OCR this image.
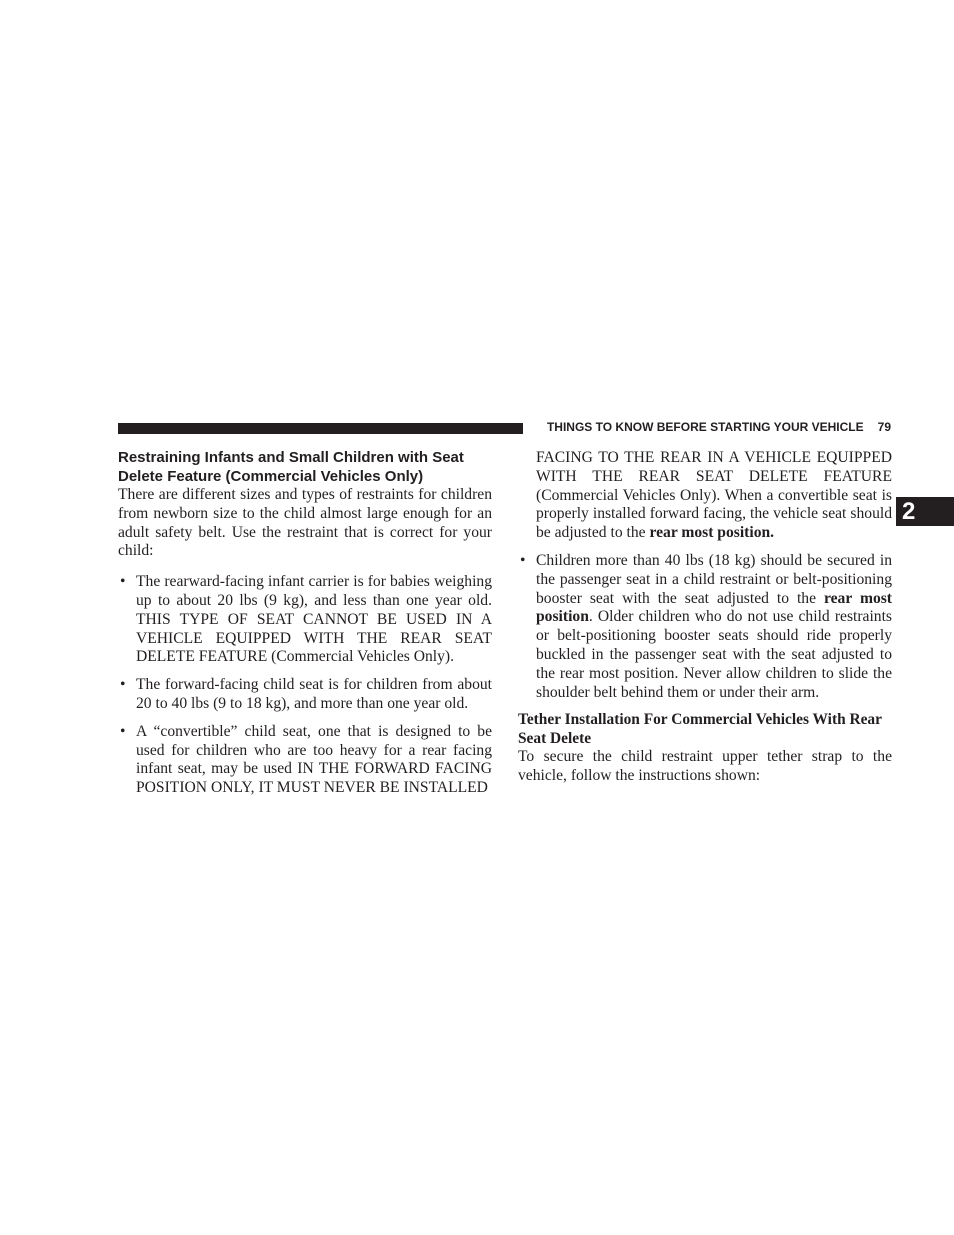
THINGS TO KNOW BEFORE STARTING YOUR VEHICLE 79
2
Restraining Infants and Small Children with Seat Delete Feature (Commercial Vehicles Only)

There are different sizes and types of restraints for children from newborn size to the child almost large enough for an adult safety belt. Use the restraint that is correct for your child:

• The rearward-facing infant carrier is for babies weighing up to about 20 lbs (9 kg), and less than one year old. THIS TYPE OF SEAT CANNOT BE USED IN A VEHICLE EQUIPPED WITH THE REAR SEAT DELETE FEATURE (Commercial Vehicles Only).
• The forward-facing child seat is for children from about 20 to 40 lbs (9 to 18 kg), and more than one year old.
• A “convertible” child seat, one that is designed to be used for children who are too heavy for a rear facing infant seat, may be used IN THE FORWARD FACING POSITION ONLY, IT MUST NEVER BE INSTALLED

FACING TO THE REAR IN A VEHICLE EQUIPPED WITH THE REAR SEAT DELETE FEATURE (Commercial Vehicles Only). When a convertible seat is properly installed forward facing, the vehicle seat should be adjusted to the rear most position.

• Children more than 40 lbs (18 kg) should be secured in the passenger seat in a child restraint or belt-positioning booster seat with the seat adjusted to the rear most position. Older children who do not use child restraints or belt-positioning booster seats should ride properly buckled in the passenger seat with the seat adjusted to the rear most position. Never allow children to slide the shoulder belt behind them or under their arm.
Tether Installation For Commercial Vehicles With Rear Seat Delete

To secure the child restraint upper tether strap to the vehicle, follow the instructions shown:
